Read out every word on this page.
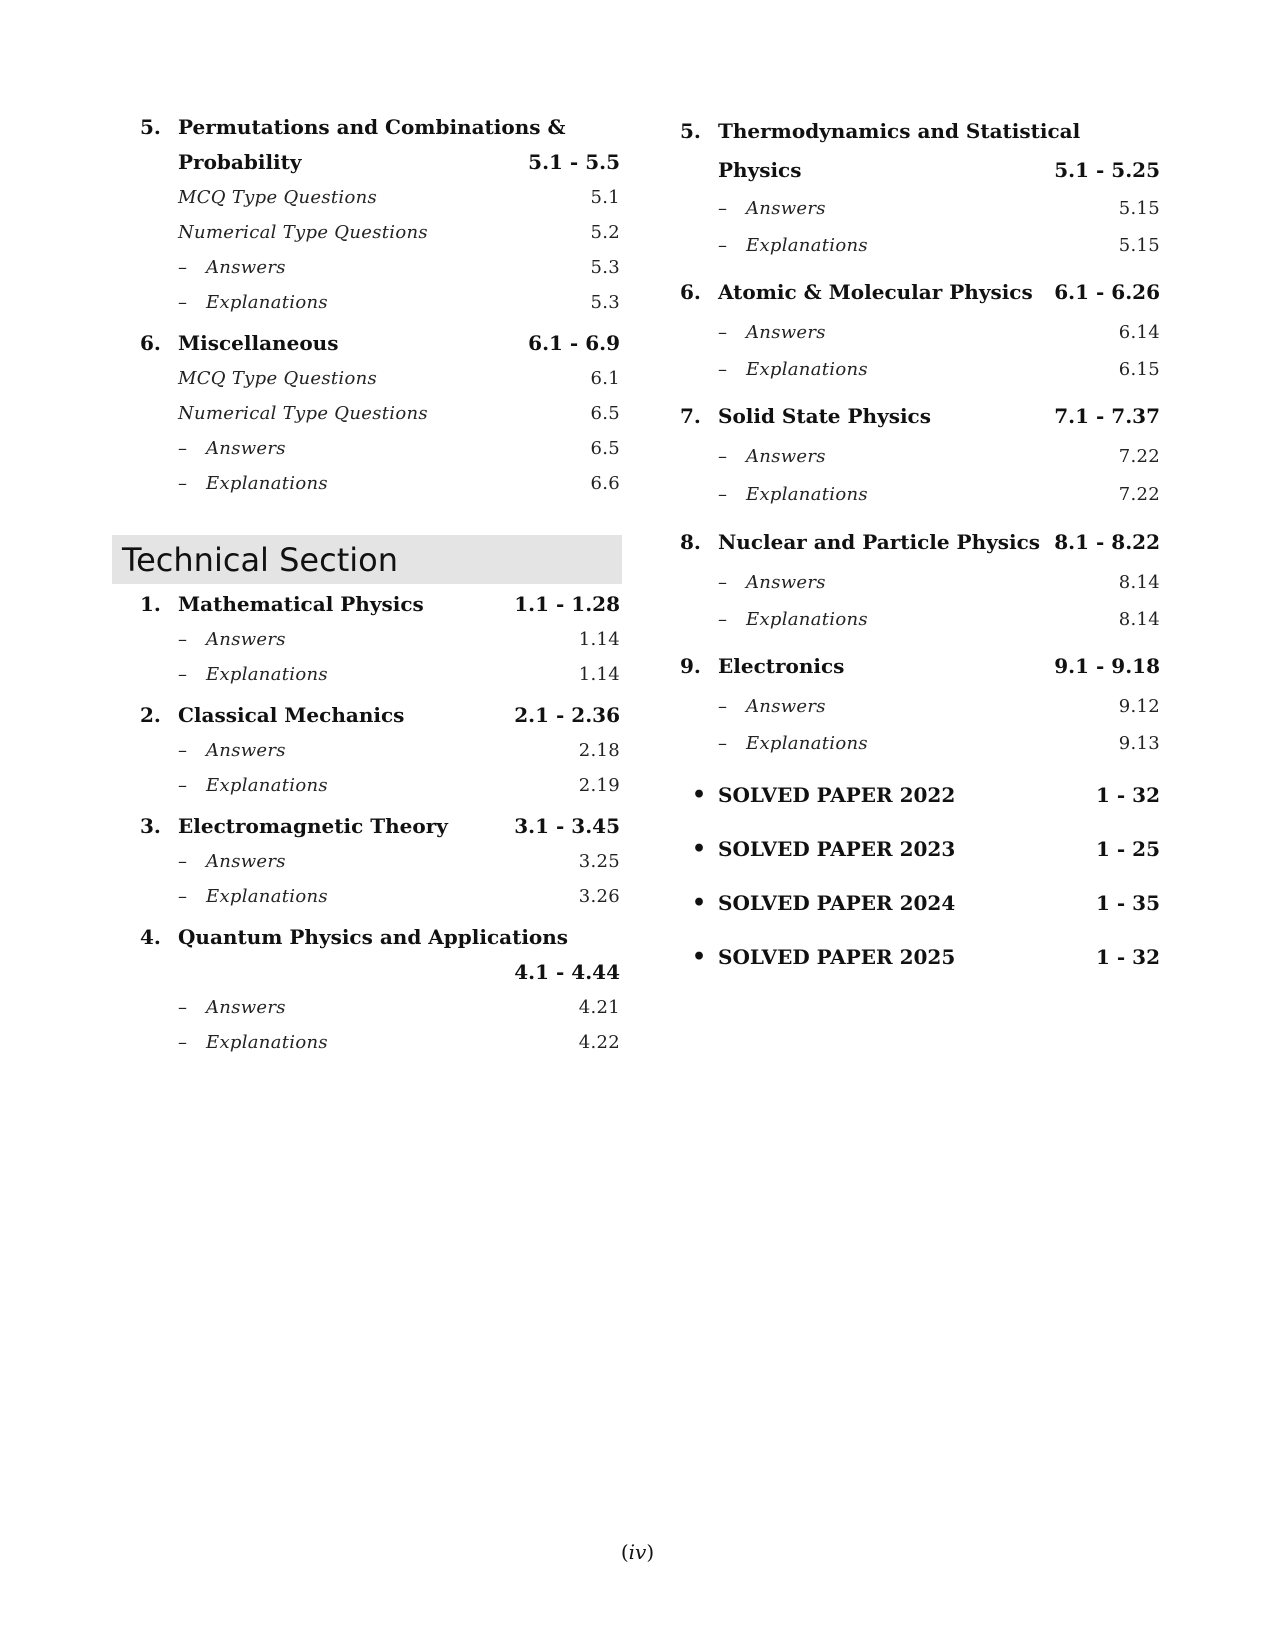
5. Permutations and Combinations &
Probability	5.1 - 5.5
MCQ Type Questions	5.1
Numerical Type Questions	5.2
–	Answers	5.3
–	Explanations	5.3
6. Miscellaneous	6.1 - 6.9
MCQ Type Questions	6.1
Numerical Type Questions	6.5
–	Answers	6.5
–	Explanations	6.6
Technical Section
1. Mathematical Physics	1.1 - 1.28
–	Answers	1.14
–	Explanations	1.14
2. Classical Mechanics	2.1 - 2.36
–	Answers	2.18
–	Explanations	2.19
3. Electromagnetic Theory	3.1 - 3.45
–	Answers	3.25
–	Explanations	3.26
4. Quantum Physics and Applications
4.1 - 4.44
–	Answers	4.21
–	Explanations	4.22
5. Thermodynamics and Statistical
Physics	5.1 - 5.25
–	Answers	5.15
–	Explanations	5.15
6. Atomic & Molecular Physics	6.1 - 6.26
–	Answers	6.14
–	Explanations	6.15
7. Solid State Physics	7.1 - 7.37
–	Answers	7.22
–	Explanations	7.22
8. Nuclear and Particle Physics 8.1 - 8.22
–	Answers	8.14
–	Explanations	8.14
9. Electronics	9.1 - 9.18
–	Answers	9.12
–	Explanations	9.13
• SOLVED PAPER 2022	1 - 32
• SOLVED PAPER 2023	1 - 25
• SOLVED PAPER 2024	1 - 35
• SOLVED PAPER 2025	1 - 32
(iv)
